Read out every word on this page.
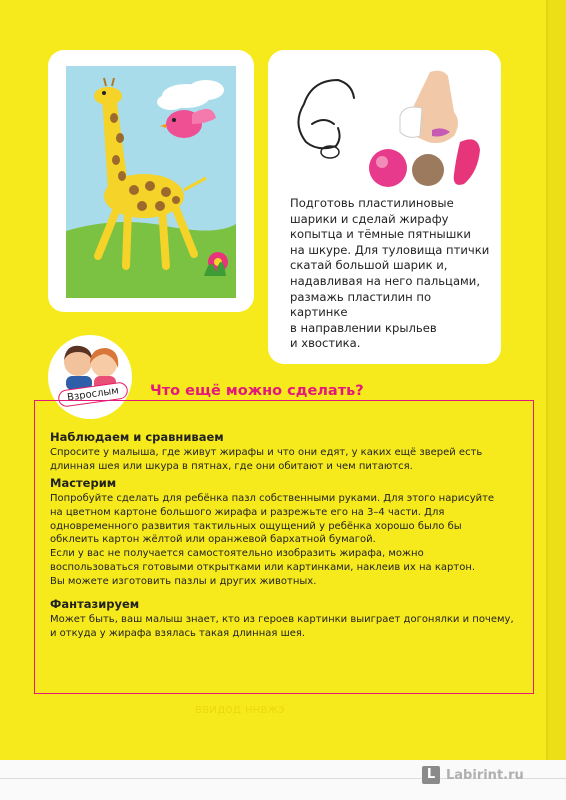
Подготовь пластилиновые
шарики и сделай жирафу
копытца и тёмные пятнышки
на шкуре. Для туловища птички
скатай большой шарик и,
надавливая на него пальцами,
размажь пластилин по картинке
в направлении крыльев
и хвостика.

Взрослым	Что ещё можно сделать?
Наблюдаем и сравниваем

Спросите у малыша, где живут жирафы и что они едят, у каких ещё зверей есть
длинная шея или шкура в пятнах, где они обитают и чем питаются.

Мастерим

Попробуйте сделать для ребёнка пазл собственными руками. Для этого нарисуйте
на цветном картоне большого жирафа и разрежьте его на 3–4 части. Для
одновременного развития тактильных ощущений у ребёнка хорошо было бы
обклеить картон жёлтой или оранжевой бархатной бумагой.
Если у вас не получается самостоятельно изобразить жирафа, можно
воспользоваться готовыми открытками или картинками, наклеив их на картон.
Вы можете изготовить пазлы и других животных.

Фантазируем

Может быть, ваш малыш знает, кто из героев картинки выиграет догонялки и почему,
и откуда у жирафа взялась такая длинная шея.

ввидод ннвжэ
L Labirint.ru
